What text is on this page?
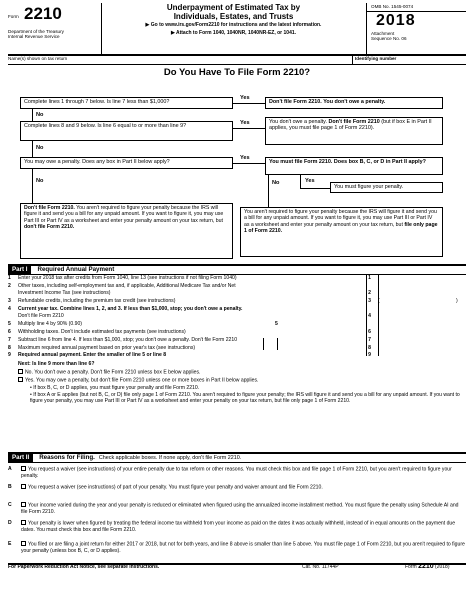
Form 2210
Department of the Treasury
Internal Revenue Service
Underpayment of Estimated Tax by
Individuals, Estates, and Trusts
▶ Go to www.irs.gov/Form2210 for instructions and the latest information.
▶ Attach to Form 1040, 1040NR, 1040NR-EZ, or 1041.
OMB No. 1545-0074
2018
Attachment
Sequence No. 06
Name(s) shown on tax return	Identifying number
Do You Have To File Form 2210?
Complete lines 1 through 7 below. Is line 7 less than $1,000?
Yes
Don't file Form 2210. You don't owe a penalty.
No
Complete lines 8 and 9 below. Is line 6 equal to or more than line 9?	Yes	You don't owe a penalty. Don't file Form 2210 (but if box E in Part II applies, you must file page 1 of Form 2210).
No
You may owe a penalty. Does any box in Part II below apply?
Yes
You must file Form 2210. Does box B, C, or D in Part II apply?
No	No	Yes
You must figure your penalty.
Don't file Form 2210. You aren't required to figure your penalty because the IRS will figure it and send you a bill for any unpaid amount. If you want to figure it, you may use Part III or Part IV as a worksheet and enter your penalty amount on your tax return, but don't file Form 2210.
You aren't required to figure your penalty because the IRS will figure it and send you a bill for any unpaid amount. If you want to figure it, you may use Part III or Part IV as a worksheet and enter your penalty amount on your tax return, but file only page 1 of Form 2210.
Part I	Required Annual Payment
1	Enter your 2018 tax after credits from Form 1040, line 13 (see instructions if not filing Form 1040)	1
2	Other taxes, including self-employment tax and, if applicable, Additional Medicare Tax and/or Net
Investment Income Tax (see instructions)	2
3	Refundable credits, including the premium tax credit (see instructions)	3	(	)
4	Current year tax. Combine lines 1, 2, and 3. If less than $1,000, stop; you don't owe a penalty.
Don't file Form 2210	4
5	Multiply line 4 by 90% (0.90)	5
6	Withholding taxes. Don't include estimated tax payments (see instructions)	6
7	Subtract line 6 from line 4. If less than $1,000, stop; you don't owe a penalty. Don't file Form 2210	7
8	Maximum required annual payment based on prior year's tax (see instructions)	8
9	Required annual payment. Enter the smaller of line 5 or line 8	9
Next: Is line 9 more than line 6?
No. You don't owe a penalty. Don't file Form 2210 unless box E below applies.
Yes. You may owe a penalty, but don't file Form 2210 unless one or more boxes in Part II below applies.
• If box B, C, or D applies, you must figure your penalty and file Form 2210.
• If box A or E applies (but not B, C, or D) file only page 1 of Form 2210. You aren't required to figure your penalty; the IRS will figure it and send you a bill for any unpaid amount. If you want to figure your penalty, you may use Part III or Part IV as a worksheet and enter your penalty on your tax return, but file only page 1 of Form 2210.
Part II	Reasons for Filing. Check applicable boxes. If none apply, don't file Form 2210.
A	You request a waiver (see instructions) of your entire penalty due to tax reform or other reasons. You must check this box and file page 1 of Form 2210, but you aren't required to figure your penalty.
B	You request a waiver (see instructions) of part of your penalty. You must figure your penalty and waiver amount and file Form 2210.
C	Your income varied during the year and your penalty is reduced or eliminated when figured using the annualized income installment method. You must figure the penalty using Schedule AI and file Form 2210.
D	Your penalty is lower when figured by treating the federal income tax withheld from your income as paid on the dates it was actually withheld, instead of in equal amounts on the payment due dates. You must check this box and file Form 2210.
E	You filed or are filing a joint return for either 2017 or 2018, but not for both years, and line 8 above is smaller than line 5 above. You must file page 1 of Form 2210, but you aren't required to figure your penalty (unless box B, C, or D applies).
For Paperwork Reduction Act Notice, see separate instructions.	Cat. No. 11744P	Form 2210 (2018)
